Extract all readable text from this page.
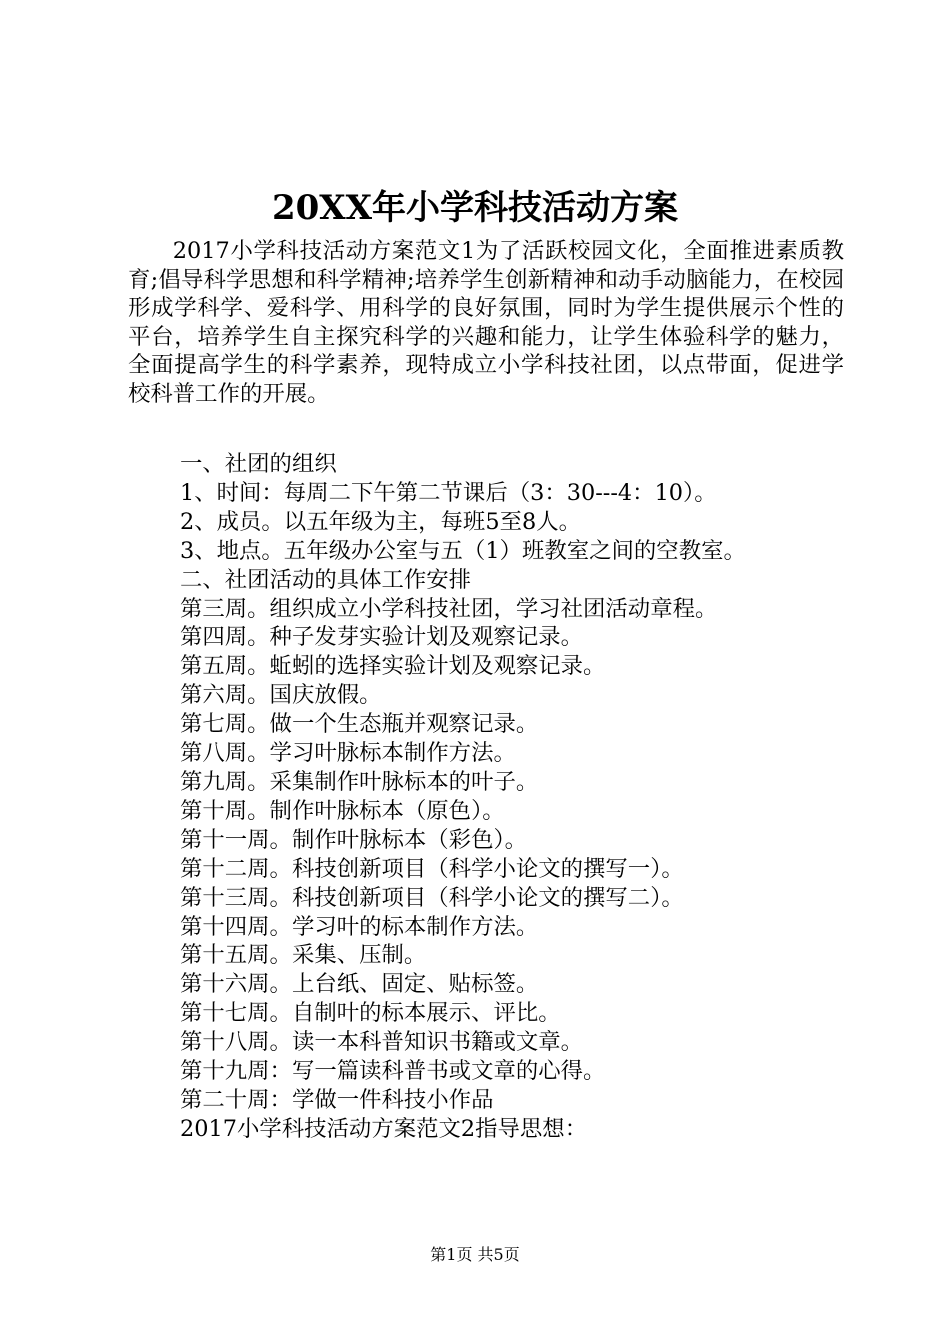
20XX年小学科技活动方案

2017小学科技活动方案范文1为了活跃校园文化，全面推进素质教育;倡导科学思想和科学精神;培养学生创新精神和动手动脑能力，在校园形成学科学、爱科学、用科学的良好氛围，同时为学生提供展示个性的平台，培养学生自主探究科学的兴趣和能力，让学生体验科学的魅力，全面提高学生的科学素养，现特成立小学科技社团，以点带面，促进学校科普工作的开展。

一、社团的组织
1、时间：每周二下午第二节课后（3：30---4：10）。
2、成员。以五年级为主，每班5至8人。
3、地点。五年级办公室与五（1）班教室之间的空教室。
二、社团活动的具体工作安排
第三周。组织成立小学科技社团，学习社团活动章程。
第四周。种子发芽实验计划及观察记录。
第五周。蚯蚓的选择实验计划及观察记录。
第六周。国庆放假。
第七周。做一个生态瓶并观察记录。
第八周。学习叶脉标本制作方法。
第九周。采集制作叶脉标本的叶子。
第十周。制作叶脉标本（原色）。
第十一周。制作叶脉标本（彩色）。
第十二周。科技创新项目（科学小论文的撰写一）。
第十三周。科技创新项目（科学小论文的撰写二）。
第十四周。学习叶的标本制作方法。
第十五周。采集、压制。
第十六周。上台纸、固定、贴标签。
第十七周。自制叶的标本展示、评比。
第十八周。读一本科普知识书籍或文章。
第十九周：写一篇读科普书或文章的心得。
第二十周：学做一件科技小作品
2017小学科技活动方案范文2指导思想：
第1页 共5页
